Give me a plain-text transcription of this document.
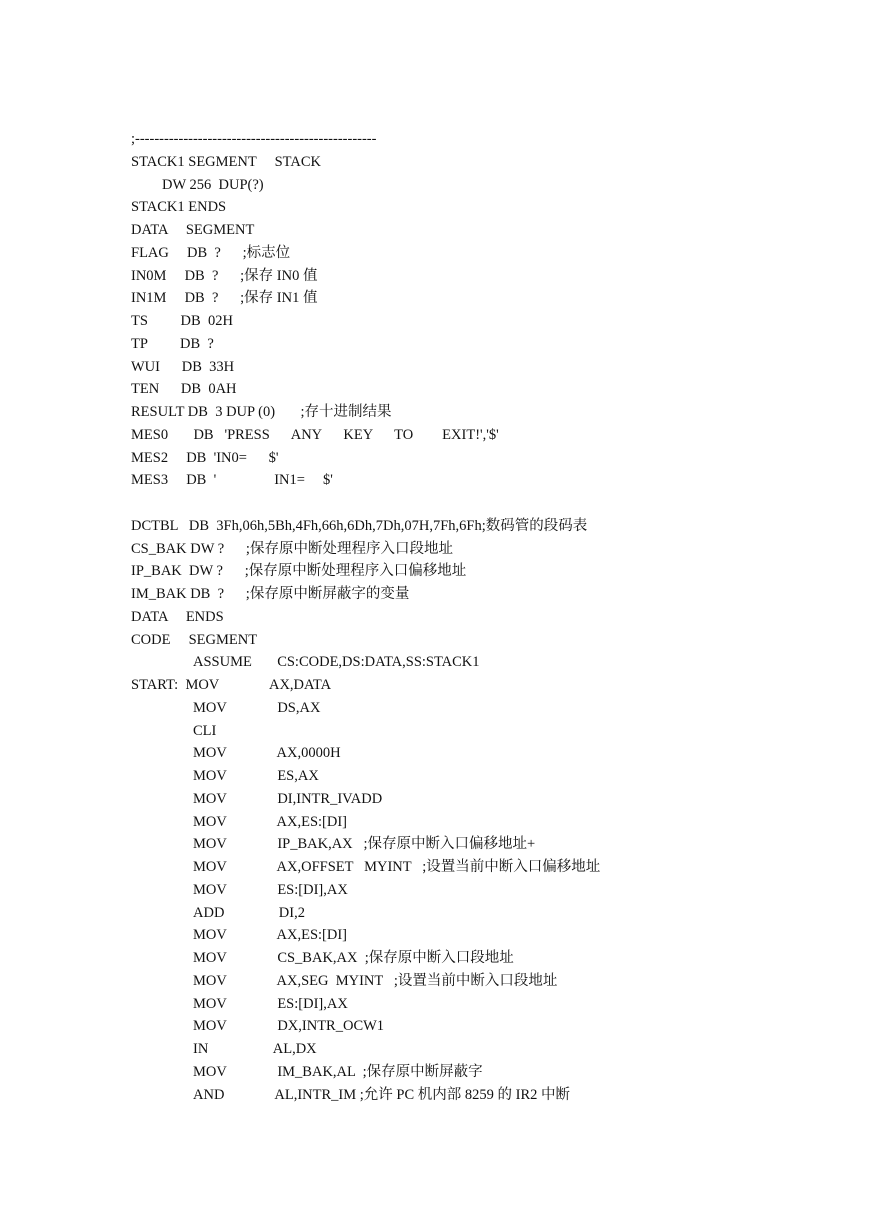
;--------------------------------------------------
STACK1 SEGMENT     STACK
DW 256  DUP(?)
STACK1 ENDS
DATA     SEGMENT
FLAG     DB  ?      ;标志位
IN0M     DB  ?      ;保存 IN0 值
IN1M     DB  ?      ;保存 IN1 值
TS         DB  02H
TP         DB  ?
WUI      DB  33H
TEN      DB  0AH
RESULT DB  3 DUP (0)       ;存十进制结果
MES0       DB   'PRESS      ANY      KEY      TO        EXIT!','$'
MES2     DB  'IN0=      $'
MES3     DB  '                IN1=     $'
DCTBL   DB  3Fh,06h,5Bh,4Fh,66h,6Dh,7Dh,07H,7Fh,6Fh;数码管的段码表
CS_BAK DW ?      ;保存原中断处理程序入口段地址
IP_BAK  DW ?      ;保存原中断处理程序入口偏移地址
IM_BAK DB  ?      ;保存原中断屏蔽字的变量
DATA     ENDS
CODE     SEGMENT
ASSUME       CS:CODE,DS:DATA,SS:STACK1
START:  MOV              AX,DATA
MOV              DS,AX
CLI
MOV              AX,0000H
MOV              ES,AX
MOV              DI,INTR_IVADD
MOV              AX,ES:[DI]
MOV              IP_BAK,AX   ;保存原中断入口偏移地址+
MOV              AX,OFFSET   MYINT   ;设置当前中断入口偏移地址
MOV              ES:[DI],AX
ADD               DI,2
MOV              AX,ES:[DI]
MOV              CS_BAK,AX  ;保存原中断入口段地址
MOV              AX,SEG  MYINT   ;设置当前中断入口段地址
MOV              ES:[DI],AX
MOV              DX,INTR_OCW1
IN                  AL,DX
MOV              IM_BAK,AL  ;保存原中断屏蔽字
AND              AL,INTR_IM ;允许 PC 机内部 8259 的 IR2 中断
